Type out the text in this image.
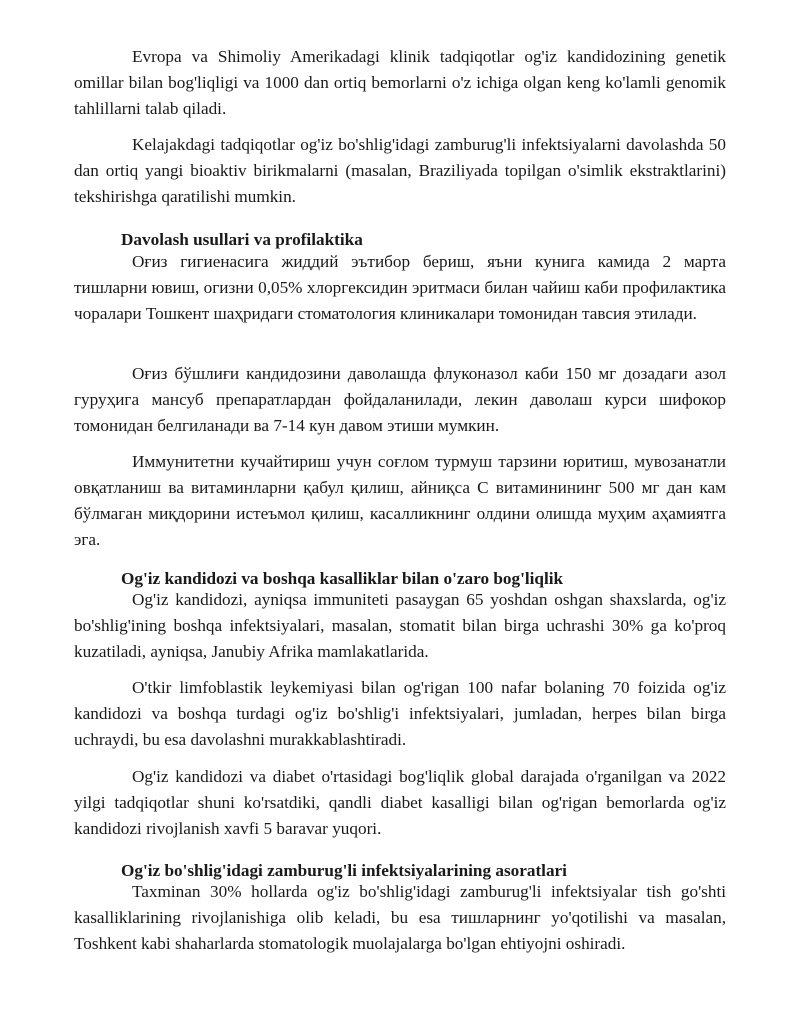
Evropa va Shimoliy Amerikadagi klinik tadqiqotlar og'iz kandidozining genetik omillar bilan bog'liqligi va 1000 dan ortiq bemorlarni o'z ichiga olgan keng ko'lamli genomik tahlillarni talab qiladi.

Kelajakdagi tadqiqotlar og'iz bo'shlig'idagi zamburug'li infektsiyalarni davolashda 50 dan ortiq yangi bioaktiv birikmalarni (masalan, Braziliyada topilgan o'simlik ekstraktlarini) tekshirishga qaratilishi mumkin.

Davolash usullari va profilaktika

Оғиз гигиенасига жиддий эътибор бериш, яъни кунига камида 2 марта тишларни ювиш, огизни 0,05% хлоргексидин эритмаси билан чайиш каби профилактика чоралари Тошкент шаҳридаги стоматология клиникалари томонидан тавсия этилади.

Оғиз бўшлиғи кандидозини даволашда флуконазол каби 150 мг дозадаги азол гуруҳига мансуб препаратлардан фойдаланилади, лекин даволаш курси шифокор томонидан белгиланади ва 7-14 кун давом этиши мумкин.

Иммунитетни кучайтириш учун соғлом турмуш тарзини юритиш, мувозанатли овқатланиш ва витаминларни қабул қилиш, айниқса C витаминининг 500 мг дан кам бўлмаган миқдорини истеъмол қилиш, касалликнинг олдини олишда муҳим аҳамиятга эга.

Og'iz kandidozi va boshqa kasalliklar bilan o'zaro bog'liqlik

Og'iz kandidozi, ayniqsa immuniteti pasaygan 65 yoshdan oshgan shaxslarda, og'iz bo'shlig'ining boshqa infektsiyalari, masalan, stomatit bilan birga uchrashi 30% ga ko'proq kuzatiladi, ayniqsa, Janubiy Afrika mamlakatlarida.

O'tkir limfoblastik leykemiyasi bilan og'rigan 100 nafar bolaning 70 foizida og'iz kandidozi va boshqa turdagi og'iz bo'shlig'i infektsiyalari, jumladan, herpes bilan birga uchraydi, bu esa davolashni murakkablashtiradi.

Og'iz kandidozi va diabet o'rtasidagi bog'liqlik global darajada o'rganilgan va 2022 yilgi tadqiqotlar shuni ko'rsatdiki, qandli diabet kasalligi bilan og'rigan bemorlarda og'iz kandidozi rivojlanish xavfi 5 baravar yuqori.

Og'iz bo'shlig'idagi zamburug'li infektsiyalarining asoratlari

Taxminan 30% hollarda og'iz bo'shlig'idagi zamburug'li infektsiyalar tish go'shti kasalliklarining rivojlanishiga olib keladi, bu esa тишларнинг yo'qotilishi va masalan, Toshkent kabi shaharlarda stomatologik muolajalarga bo'lgan ehtiyojni oshiradi.
